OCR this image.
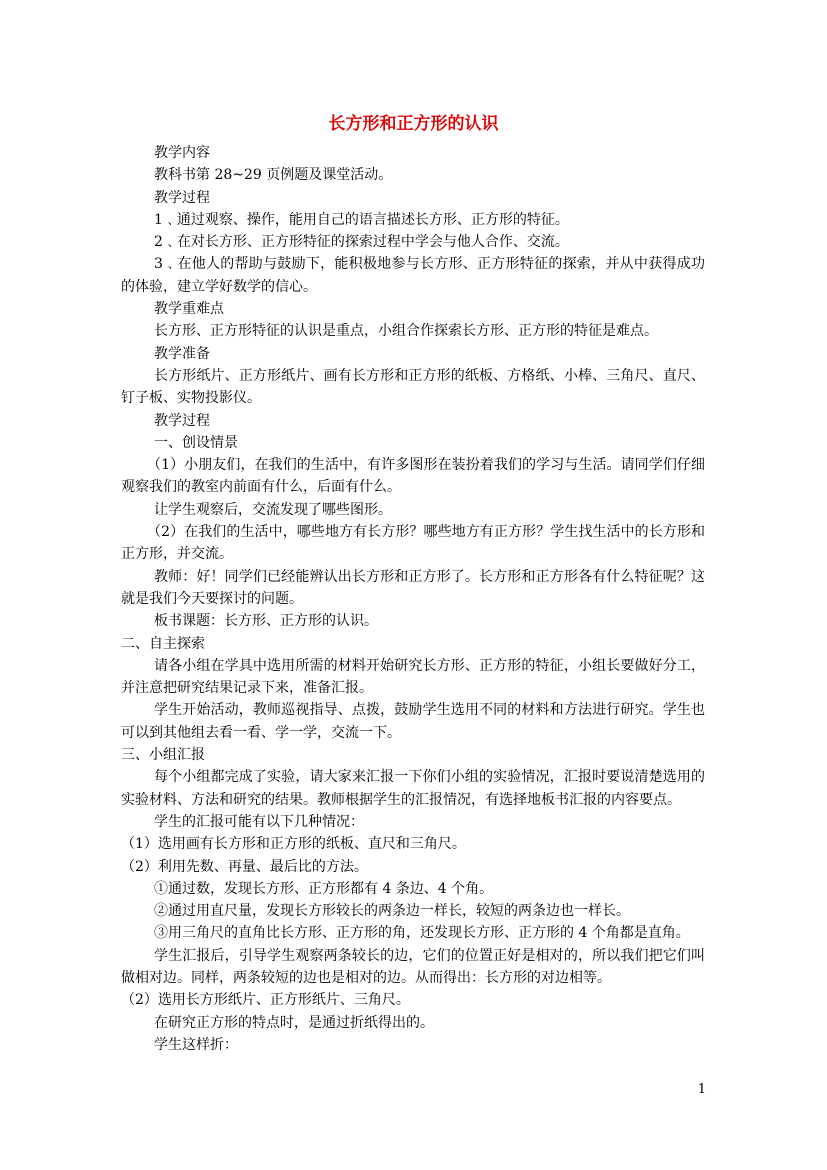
长方形和正方形的认识

教学内容

教科书第 28~29 页例题及课堂活动。

教学过程

1﹑通过观察、操作，能用自己的语言描述长方形、正方形的特征。

2﹑在对长方形、正方形特征的探索过程中学会与他人合作、交流。

3﹑在他人的帮助与鼓励下，能积极地参与长方形、正方形特征的探索，并从中获得成功的体验，建立学好数学的信心。

教学重难点

长方形、正方形特征的认识是重点，小组合作探索长方形、正方形的特征是难点。

教学准备

长方形纸片、正方形纸片、画有长方形和正方形的纸板、方格纸、小棒、三角尺、直尺、钉子板、实物投影仪。

教学过程

一、创设情景

（1）小朋友们，在我们的生活中，有许多图形在装扮着我们的学习与生活。请同学们仔细观察我们的教室内前面有什么，后面有什么。

让学生观察后，交流发现了哪些图形。

（2）在我们的生活中，哪些地方有长方形？哪些地方有正方形？学生找生活中的长方形和正方形，并交流。

教师：好！同学们已经能辨认出长方形和正方形了。长方形和正方形各有什么特征呢？这就是我们今天要探讨的问题。

板书课题：长方形、正方形的认识。

二、自主探索

请各小组在学具中选用所需的材料开始研究长方形、正方形的特征，小组长要做好分工，并注意把研究结果记录下来，准备汇报。

学生开始活动，教师巡视指导、点拨，鼓励学生选用不同的材料和方法进行研究。学生也可以到其他组去看一看、学一学，交流一下。

三、小组汇报

每个小组都完成了实验，请大家来汇报一下你们小组的实验情况，汇报时要说清楚选用的实验材料、方法和研究的结果。教师根据学生的汇报情况，有选择地板书汇报的内容要点。

学生的汇报可能有以下几种情况：

（1）选用画有长方形和正方形的纸板、直尺和三角尺。

（2）利用先数、再量、最后比的方法。

①通过数，发现长方形、正方形都有 4 条边、4 个角。

②通过用直尺量，发现长方形较长的两条边一样长，较短的两条边也一样长。

③用三角尺的直角比长方形、正方形的角，还发现长方形、正方形的 4 个角都是直角。

学生汇报后，引导学生观察两条较长的边，它们的位置正好是相对的，所以我们把它们叫做相对边。同样，两条较短的边也是相对的边。从而得出：长方形的对边相等。

（2）选用长方形纸片、正方形纸片、三角尺。

在研究正方形的特点时，是通过折纸得出的。

学生这样折：

1
